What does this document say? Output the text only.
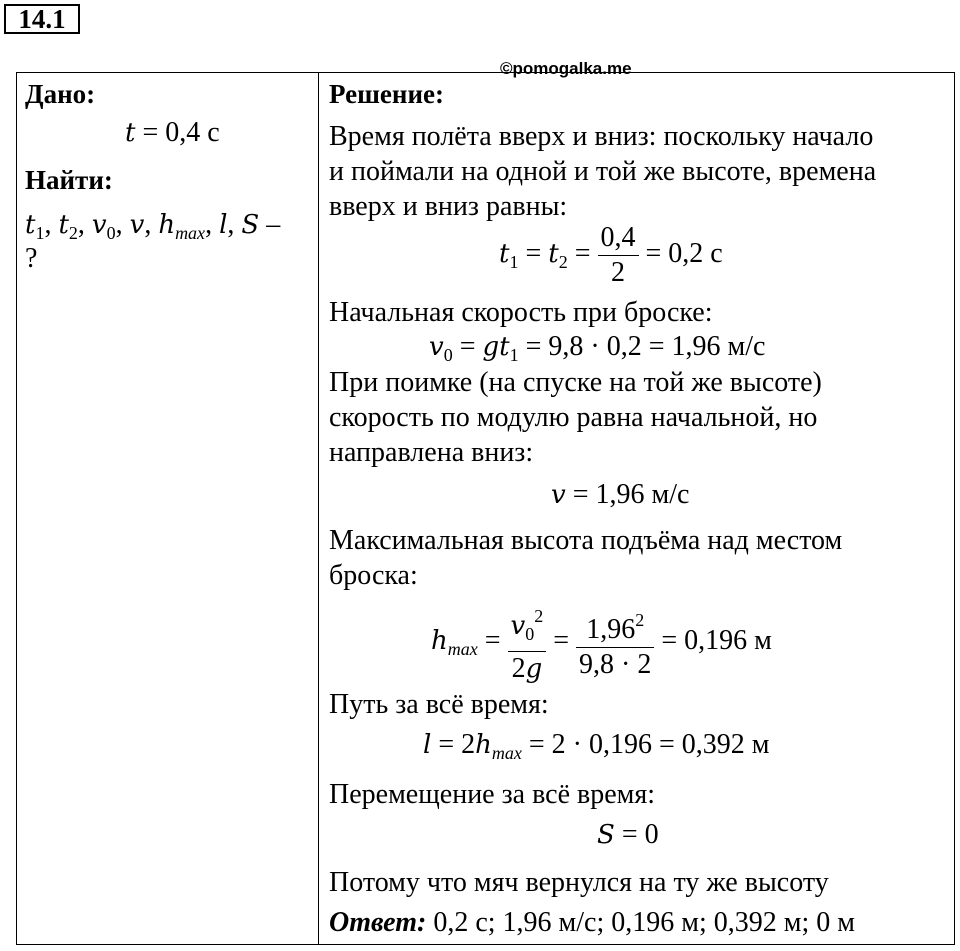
14.1
Дано:
t = 0,4 с
Найти:
$t_1$, $t_2$, $v_0$, v, $h_{max}$, l, S –
?
Решение:
Время полёта вверх и вниз: поскольку начало
и поймали на одной и той же высоте, времена
вверх и вниз равны:
$t_1 = t_2 = \frac{0,4}{2} = 0,2$ с
Начальная скорость при броске:
$v_0 = gt_1 = 9,8 \cdot 0,2 = 1,96$ м/с
При поимке (на спуске на той же высоте)
скорость по модулю равна начальной, но
направлена вниз:
v = 1,96 м/с
Максимальная высота подъёма над местом
броска:
$h_{max} = \frac{v_0^2}{2g} = \frac{1,96^2}{9,8 \cdot 2} = 0,196$ м
Путь за всё время:
$l = 2h_{max} = 2 \cdot 0,196 = 0,392$ м
Перемещение за всё время:
S = 0
Потому что мяч вернулся на ту же высоту
Ответ: 0,2 с; 1,96 м/с; 0,196 м; 0,392 м; 0 м
©pomogalka.me
